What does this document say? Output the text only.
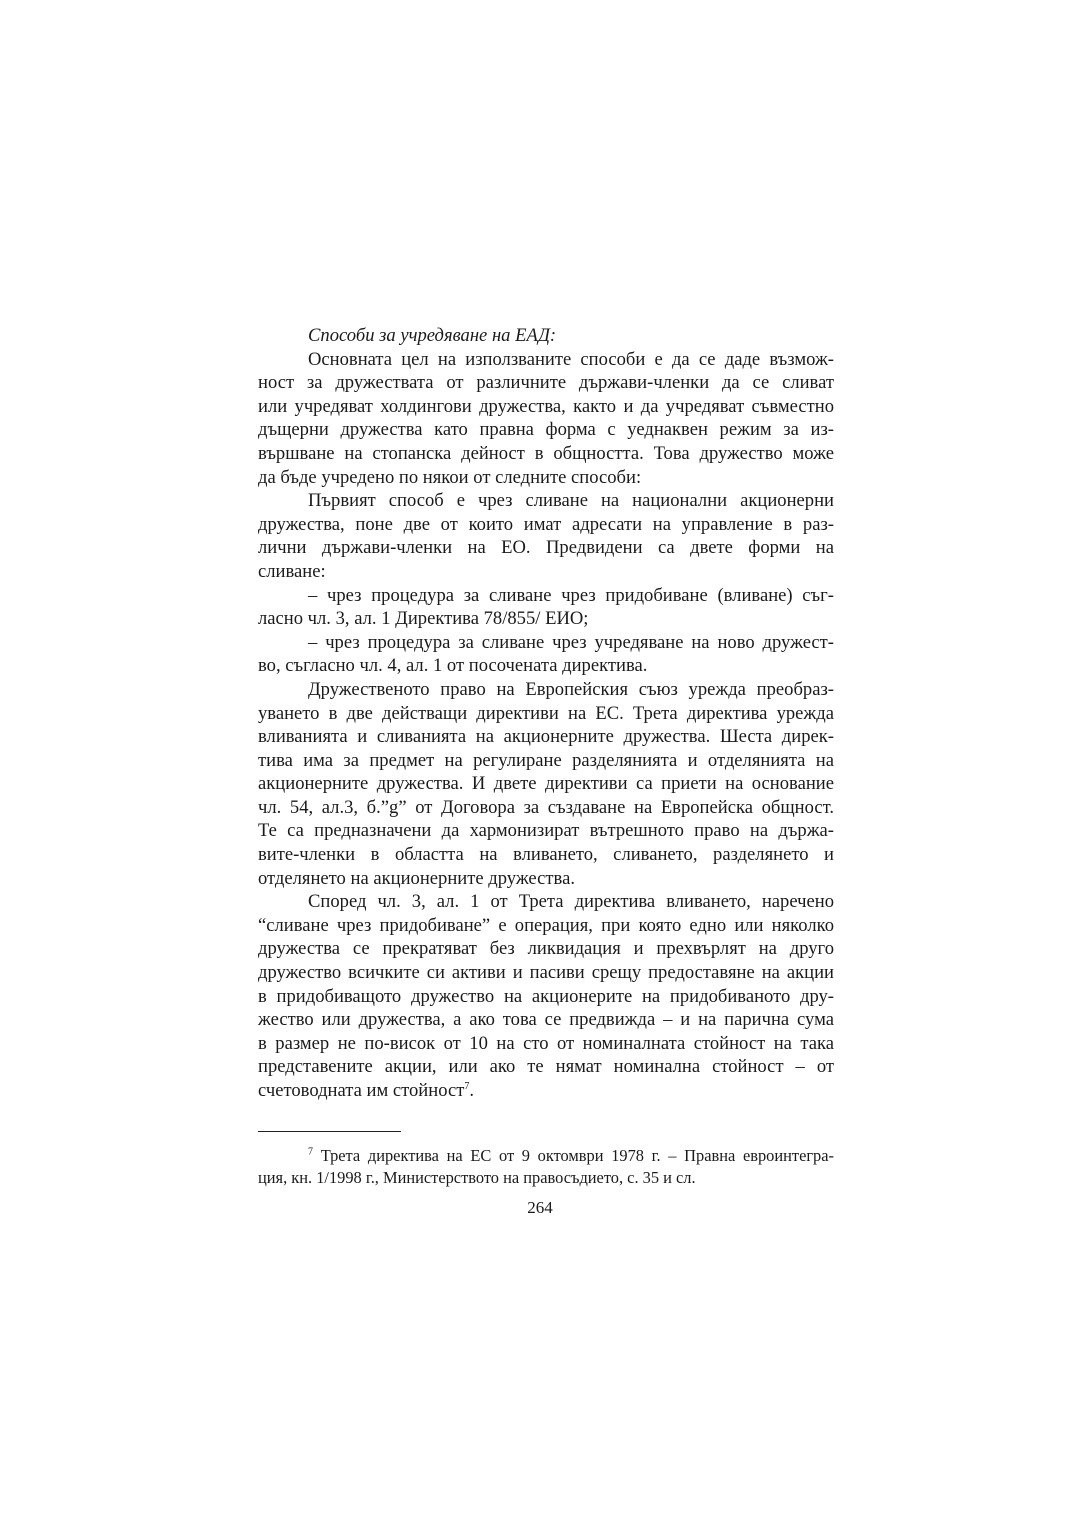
Способи за учредяване на ЕАД:
Основната цел на използваните способи е да се даде възмож-
ност за дружествата от различните държави-членки да се сливат
или учредяват холдингови дружества, както и да учредяват съвместно
дъщерни дружества като правна форма с уеднаквен режим за из-
вършване на стопанска дейност в общността. Това дружество може
да бъде учредено по някои от следните способи:
Първият способ е чрез сливане на национални акционерни
дружества, поне две от които имат адресати на управление в раз-
лични държави-членки на ЕО. Предвидени са двете форми на
сливане:
– чрез процедура за сливане чрез придобиване (вливане) съг-
ласно чл. 3, ал. 1 Директива 78/855/ ЕИО;
– чрез процедура за сливане чрез учредяване на ново дружест-
во, съгласно чл. 4, ал. 1 от посочената директива.
Дружественото право на Европейския съюз урежда преобраз-
уването в две действащи директиви на ЕС. Трета директива урежда
вливанията и сливанията на акционерните дружества. Шеста дирек-
тива има за предмет на регулиране разделянията и отделянията на
акционерните дружества. И двете директиви са приети на основание
чл. 54, ал.3, б.”g” от Договора за създаване на Европейска общност.
Те са предназначени да хармонизират вътрешното право на държа-
вите-членки в областта на вливането, сливането, разделянето и
отделянето на акционерните дружества.
Според чл. 3, ал. 1 от Трета директива вливането, наречено
“сливане чрез придобиване” е операция, при която едно или няколко
дружества се прекратяват без ликвидация и прехвърлят на друго
дружество всичките си активи и пасиви срещу предоставяне на акции
в придобиващото дружество на акционерите на придобиваното дру-
жество или дружества, а ако това се предвижда – и на парична сума
в размер не по-висок от 10 на сто от номиналната стойност на така
представените акции, или ако те нямат номинална стойност – от
счетоводната им стойност$^7$.
$^7$ Трета директива на ЕС от 9 октомври 1978 г. – Правна евроинтегра-
ция, кн. 1/1998 г., Министерството на правосъдието, с. 35 и сл.
264
